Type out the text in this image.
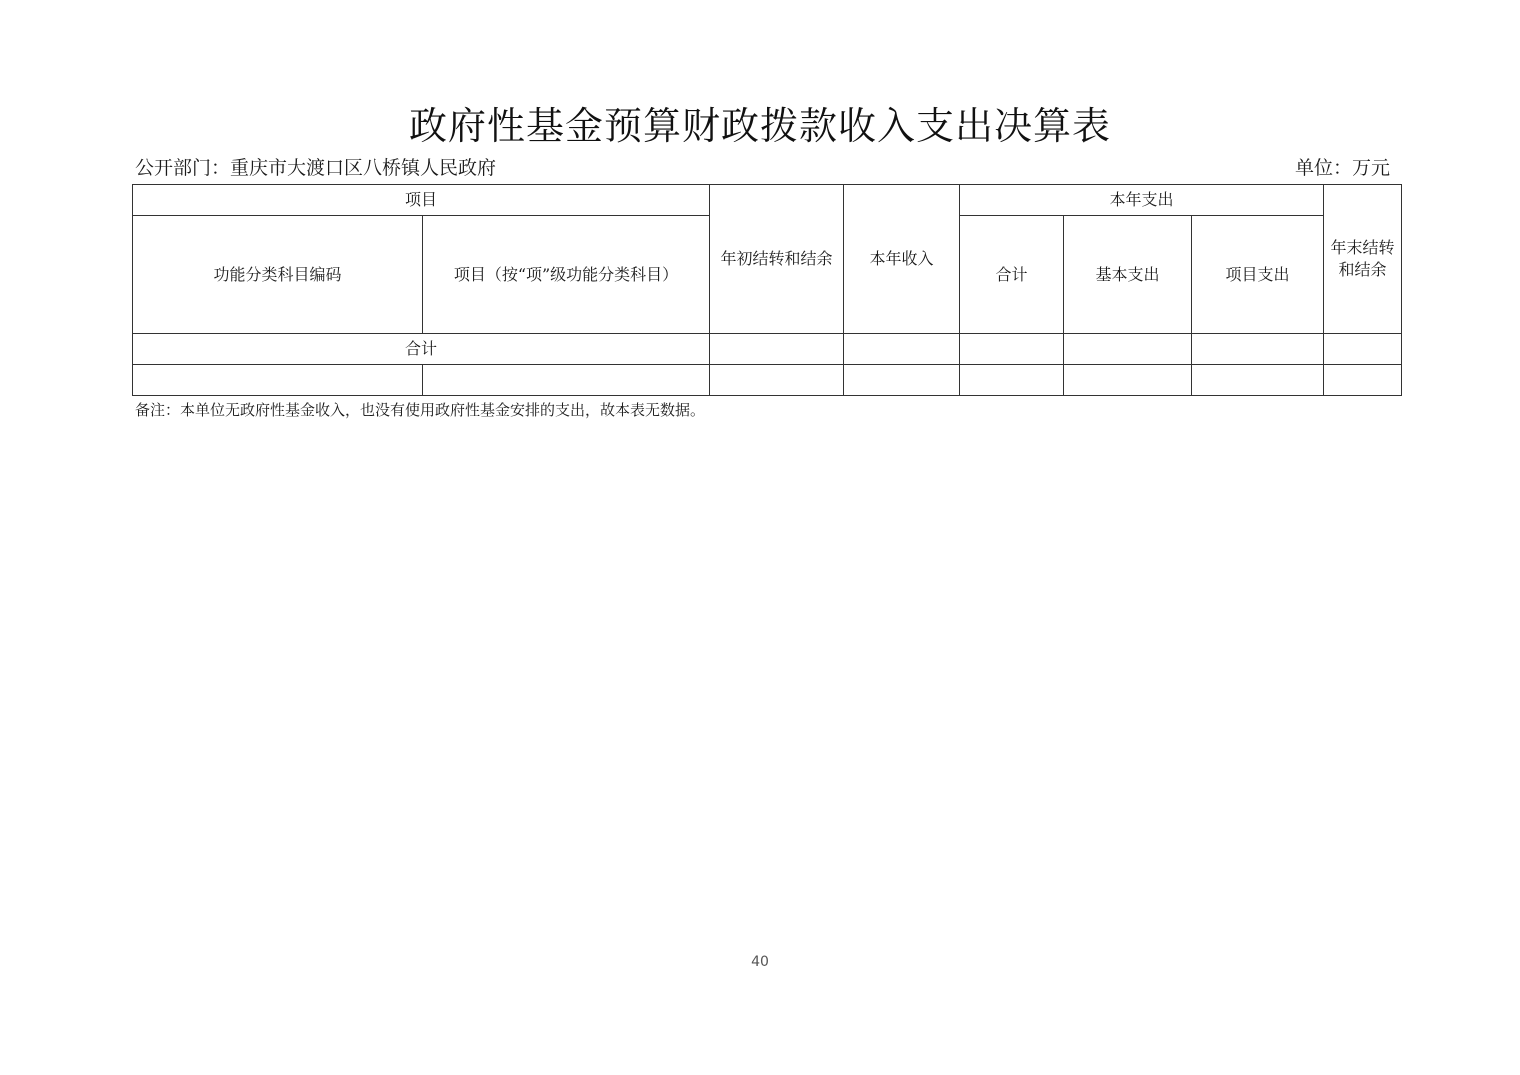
政府性基金预算财政拨款收入支出决算表
公开部门：重庆市大渡口区八桥镇人民政府	单位：万元
项目		年初结转和结余	本年收入	本年支出			年末结转和结余
功能分类科目编码	项目（按“项”级功能分类科目）			合计	基本支出	项目支出	
合计							

备注：本单位无政府性基金收入，也没有使用政府性基金安排的支出，故本表无数据。
40
